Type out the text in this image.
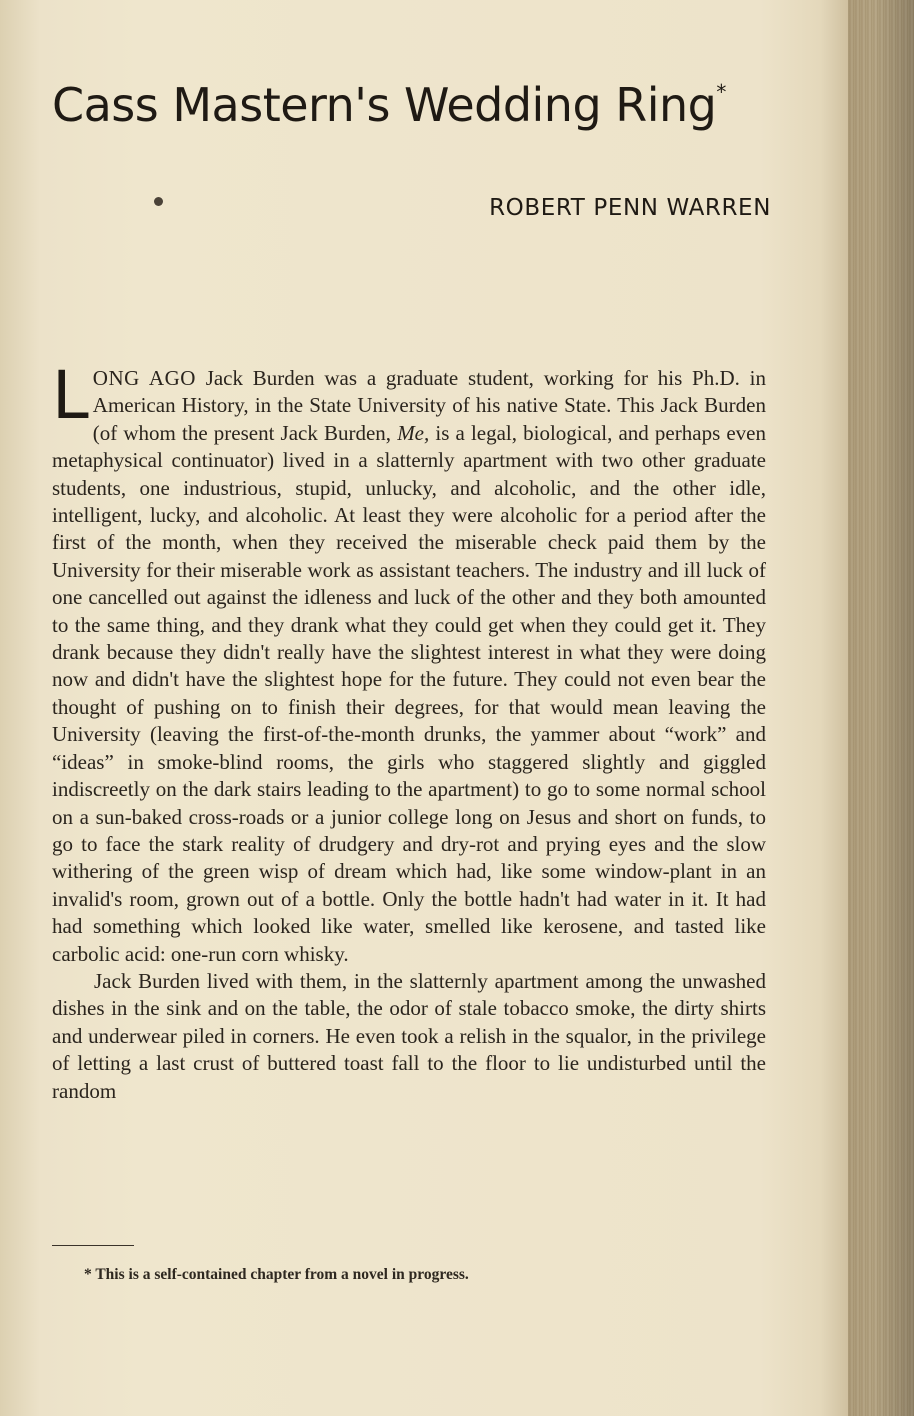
Cass Mastern's Wedding Ring*
ROBERT PENN WARREN

LONG AGO Jack Burden was a graduate student, working for his Ph.D. in American History, in the State University of his native State. This Jack Burden (of whom the present Jack Burden, Me, is a legal, biological, and perhaps even metaphysical continuator) lived in a slatternly apartment with two other graduate students, one industrious, stupid, unlucky, and alcoholic, and the other idle, intelligent, lucky, and alcoholic. At least they were alcoholic for a period after the first of the month, when they received the miserable check paid them by the University for their miserable work as assistant teachers. The industry and ill luck of one cancelled out against the idleness and luck of the other and they both amounted to the same thing, and they drank what they could get when they could get it. They drank because they didn't really have the slightest interest in what they were doing now and didn't have the slightest hope for the future. They could not even bear the thought of pushing on to finish their degrees, for that would mean leaving the University (leaving the first-of-the-month drunks, the yammer about “work” and “ideas” in smoke-blind rooms, the girls who staggered slightly and giggled indiscreetly on the dark stairs leading to the apartment) to go to some normal school on a sun-baked cross-roads or a junior college long on Jesus and short on funds, to go to face the stark reality of drudgery and dry-rot and prying eyes and the slow withering of the green wisp of dream which had, like some window-plant in an invalid's room, grown out of a bottle. Only the bottle hadn't had water in it. It had had something which looked like water, smelled like kerosene, and tasted like carbolic acid: one-run corn whisky.

Jack Burden lived with them, in the slatternly apartment among the unwashed dishes in the sink and on the table, the odor of stale tobacco smoke, the dirty shirts and underwear piled in corners. He even took a relish in the squalor, in the privilege of letting a last crust of buttered toast fall to the floor to lie undisturbed until the random

* This is a self-contained chapter from a novel in progress.
